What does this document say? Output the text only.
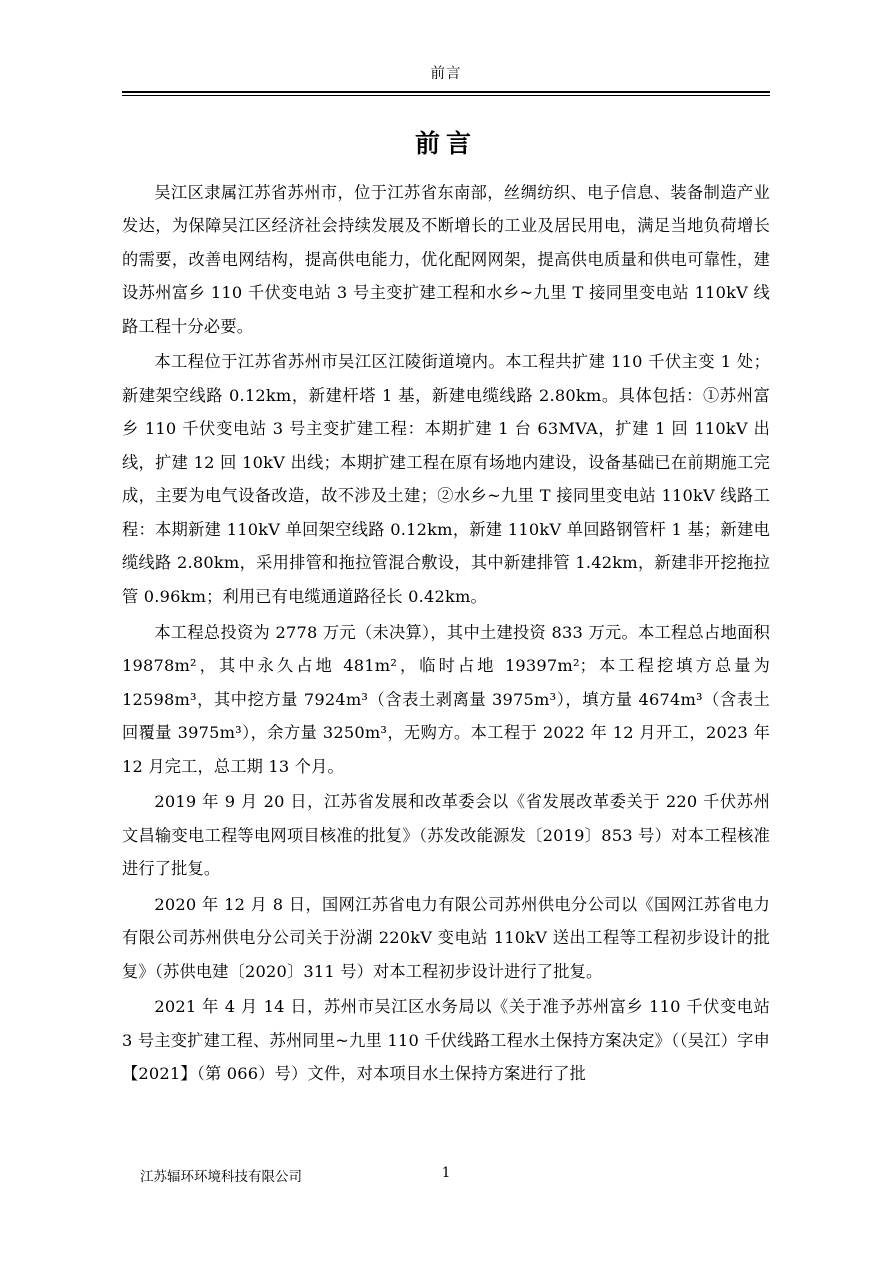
前言
前言

吴江区隶属江苏省苏州市，位于江苏省东南部，丝绸纺织、电子信息、装备制造产业发达，为保障吴江区经济社会持续发展及不断增长的工业及居民用电，满足当地负荷增长的需要，改善电网结构，提高供电能力，优化配网网架，提高供电质量和供电可靠性，建设苏州富乡 110 千伏变电站 3 号主变扩建工程和水乡~九里 T 接同里变电站 110kV 线路工程十分必要。

本工程位于江苏省苏州市吴江区江陵街道境内。本工程共扩建 110 千伏主变 1 处；新建架空线路 0.12km，新建杆塔 1 基，新建电缆线路 2.80km。具体包括：①苏州富乡 110 千伏变电站 3 号主变扩建工程：本期扩建 1 台 63MVA，扩建 1 回 110kV 出线，扩建 12 回 10kV 出线；本期扩建工程在原有场地内建设，设备基础已在前期施工完成，主要为电气设备改造，故不涉及土建；②水乡~九里 T 接同里变电站 110kV 线路工程：本期新建 110kV 单回架空线路 0.12km，新建 110kV 单回路钢管杆 1 基；新建电缆线路 2.80km，采用排管和拖拉管混合敷设，其中新建排管 1.42km，新建非开挖拖拉管 0.96km；利用已有电缆通道路径长 0.42km。

本工程总投资为 2778 万元（未决算），其中土建投资 833 万元。本工程总占地面积 19878m²，其中永久占地 481m²，临时占地 19397m²；本工程挖填方总量为 12598m³，其中挖方量 7924m³（含表土剥离量 3975m³），填方量 4674m³（含表土回覆量 3975m³），余方量 3250m³，无购方。本工程于 2022 年 12 月开工，2023 年 12 月完工，总工期 13 个月。

2019 年 9 月 20 日，江苏省发展和改革委会以《省发展改革委关于 220 千伏苏州文昌输变电工程等电网项目核准的批复》（苏发改能源发〔2019〕853 号）对本工程核准进行了批复。

2020 年 12 月 8 日，国网江苏省电力有限公司苏州供电分公司以《国网江苏省电力有限公司苏州供电分公司关于汾湖 220kV 变电站 110kV 送出工程等工程初步设计的批复》（苏供电建〔2020〕311 号）对本工程初步设计进行了批复。

2021 年 4 月 14 日，苏州市吴江区水务局以《关于准予苏州富乡 110 千伏变电站 3 号主变扩建工程、苏州同里~九里 110 千伏线路工程水土保持方案决定》（（吴江）字申【2021】（第 066）号）文件，对本项目水土保持方案进行了批

江苏辐环环境科技有限公司	1
